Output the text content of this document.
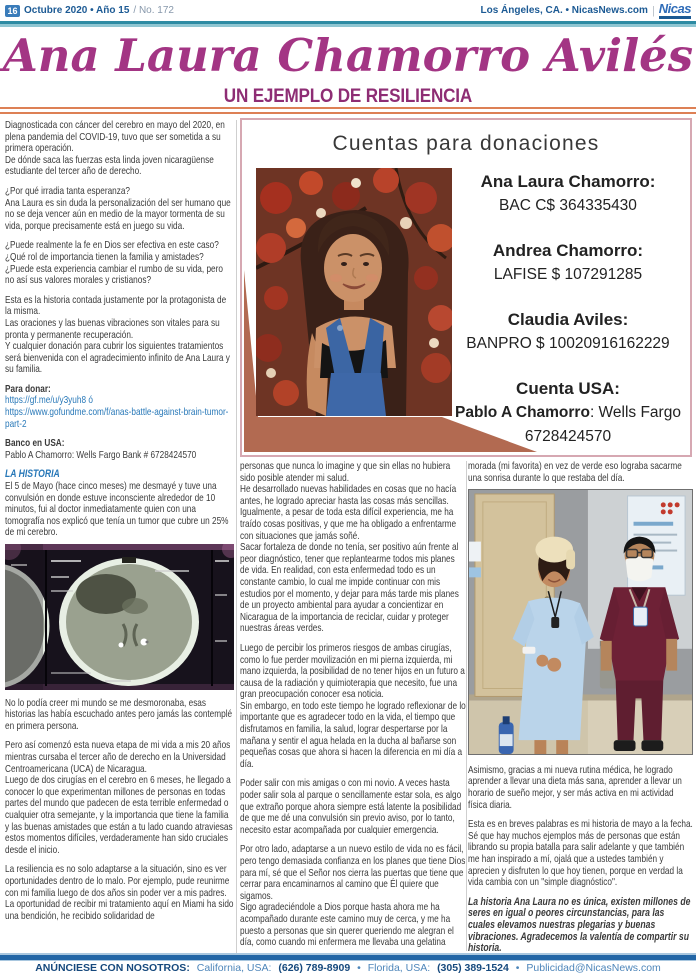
16 Octubre 2020 • Año 15 / No. 172	Los Ángeles, CA. • NicasNews.com | Nicas
Ana Laura Chamorro Avilés
UN EJEMPLO DE RESILIENCIA

Diagnosticada con cáncer del cerebro en mayo del 2020, en plena pandemia del COVID-19, tuvo que ser sometida a su primera operación.

De dónde saca las fuerzas esta linda joven nicaragüense estudiante del tercer año de derecho.

¿Por qué irradia tanta esperanza?

Ana Laura es sin duda la personalización del ser humano que no se deja vencer aún en medio de la mayor tormenta de su vida, porque precisamente está en juego su vida.

¿Puede realmente la fe en Dios ser efectiva en este caso?

¿Qué rol de importancia tienen la familia y amistades?

¿Puede esta experiencia cambiar el rumbo de su vida, pero no así sus valores morales y cristianos?

Esta es la historia contada justamente por la protagonista de la misma.

Las oraciones y las buenas vibraciones son vitales para su pronta y permanente recuperación.

Y cualquier donación para cubrir los siguientes tratamientos será bienvenida con el agradecimiento infinito de Ana Laura y su familia.

Para donar:

https://gf.me/u/y3yuh8 ó

https://www.gofundme.com/f/anas-battle-against-brain-tumor-part-2

Banco en USA:

Pablo A Chamorro: Wells Fargo Bank # 6728424570

LA HISTORIA

El 5 de Mayo (hace cinco meses) me desmayé y tuve una convulsión en donde estuve inconsciente alrededor de 10 minutos, fui al doctor inmediatamente quien con una tomografía nos explicó que tenía un tumor que cubre un 25% de mi cerebro.

No lo podía creer mi mundo se me desmoronaba, esas historias las había escuchado antes pero jamás las contemplé en primera persona.

Pero así comenzó esta nueva etapa de mi vida a mis 20 años mientras cursaba el tercer año de derecho en la Universidad Centroamericana (UCA) de Nicaragua.

Luego de dos cirugías en el cerebro en 6 meses, he llegado a conocer lo que experimentan millones de personas en todas partes del mundo que padecen de esta terrible enfermedad o cualquier otra semejante, y la importancia que tiene la familia y las buenas amistades que están a tu lado cuando atraviesas estos momentos difíciles, verdaderamente han sido cruciales desde el inicio.

La resiliencia es no solo adaptarse a la situación, sino es ver oportunidades dentro de lo malo. Por ejemplo, pude reunirme con mi familia luego de dos años sin poder ver a mis padres. La oportunidad de recibir mi tratamiento aquí en Miami ha sido una bendición, he recibido solidaridad de

Cuentas para donaciones
Ana Laura Chamorro:
BAC C$ 364335430
Andrea Chamorro:
LAFISE $ 107291285
Claudia Aviles:
BANPRO $ 10020916162229
Cuenta USA:
Pablo A Chamorro: Wells Fargo
6728424570

personas que nunca lo imagine y que sin ellas no hubiera sido posible atender mi salud.

He desarrollado nuevas habilidades en cosas que no hacía antes, he logrado apreciar hasta las cosas más sencillas. Igualmente, a pesar de toda esta difícil experiencia, me ha traído cosas positivas, y que me ha obligado a enfrentarme con situaciones que jamás soñé.

Sacar fortaleza de donde no tenía, ser positivo aún frente al peor diagnóstico, tener que replantearme todos mis planes de vida. En realidad, con esta enfermedad todo es un constante cambio, lo cual me impide continuar con mis estudios por el momento, y dejar para más tarde mis planes de un proyecto ambiental para ayudar a concientizar en Nicaragua de la importancia de reciclar, cuidar y proteger nuestras áreas verdes.

Luego de percibir los primeros riesgos de ambas cirugías, como lo fue perder movilización en mi pierna izquierda, mi mano izquierda, la posibilidad de no tener hijos en un futuro a causa de la radiación y quimioterapia que necesito, fue una gran preocupación conocer esa noticia.

Sin embargo, en todo este tiempo he logrado reflexionar de lo importante que es agradecer todo en la vida, el tiempo que disfrutamos en familia, la salud, lograr despertarse por la mañana y sentir el agua helada en la ducha al bañarse son pequeñas cosas que ahora si hacen la diferencia en mi día a día.

Poder salir con mis amigas o con mi novio. A veces hasta poder salir sola al parque o sencillamente estar sola, es algo que extraño porque ahora siempre está latente la posibilidad de que me dé una convulsión sin previo aviso, por lo tanto, necesito estar acompañada por cualquier emergencia.

Por otro lado, adaptarse a un nuevo estilo de vida no es fácil, pero tengo demasiada confianza en los planes que tiene Dios para mí, sé que el Señor nos cierra las puertas que tiene que cerrar para encaminarnos al camino que Él quiere que sigamos.

Sigo agradeciéndole a Dios porque hasta ahora me ha acompañado durante este camino muy de cerca, y me ha puesto a personas que sin querer queriendo me alegran el día, como cuando mi enfermera me llevaba una gelatina

morada (mi favorita) en vez de verde eso lograba sacarme una sonrisa durante lo que restaba del día.

Asimismo, gracias a mi nueva rutina médica, he logrado aprender a llevar una dieta más sana, aprender a llevar un horario de sueño mejor, y ser más activa en mi actividad física diaria.

Esta es en breves palabras es mi historia de mayo a la fecha. Sé que hay muchos ejemplos más de personas que están librando su propia batalla para salir adelante y que también me han inspirado a mí, ojalá que a ustedes también y aprecien y disfruten lo que hoy tienen, porque en verdad la vida cambia con un "simple diagnóstico".

La historia Ana Laura no es única, existen millones de seres en igual o peores circunstancias, para las cuales elevamos nuestras plegarias y buenas vibraciones. Agradecemos la valentía de compartir su historia.

ANÚNCIESE CON NOSOTROS: California, USA: (626) 789-8909 • Florida, USA: (305) 389-1524 • Publicidad@NicasNews.com
